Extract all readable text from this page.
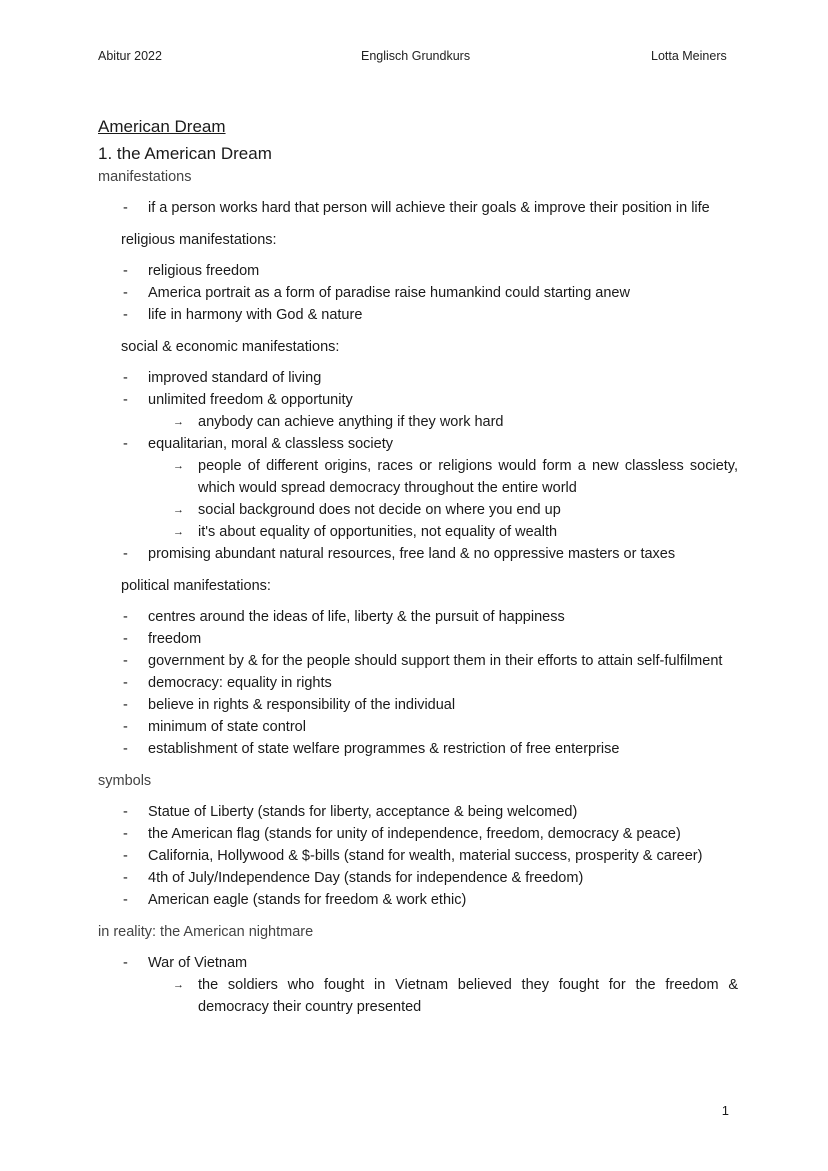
Abitur 2022	Englisch Grundkurs	Lotta Meiners
American Dream
1. the American Dream
manifestations
- if a person works hard that person will achieve their goals & improve their position in life
religious manifestations:
- religious freedom
- America portrait as a form of paradise raise humankind could starting anew
- life in harmony with God & nature
social & economic manifestations:
- improved standard of living
- unlimited freedom & opportunity
→ anybody can achieve anything if they work hard
- equalitarian, moral & classless society
→ people of different origins, races or religions would form a new classless society, which would spread democracy throughout the entire world
→ social background does not decide on where you end up
→ it's about equality of opportunities, not equality of wealth
- promising abundant natural resources, free land & no oppressive masters or taxes
political manifestations:
- centres around the ideas of life, liberty & the pursuit of happiness
- freedom
- government by & for the people should support them in their efforts to attain self-fulfilment
- democracy: equality in rights
- believe in rights & responsibility of the individual
- minimum of state control
- establishment of state welfare programmes & restriction of free enterprise
symbols
- Statue of Liberty (stands for liberty, acceptance & being welcomed)
- the American flag (stands for unity of independence, freedom, democracy & peace)
- California, Hollywood & $-bills (stand for wealth, material success, prosperity & career)
- 4th of July/Independence Day (stands for independence & freedom)
- American eagle (stands for freedom & work ethic)
in reality: the American nightmare
- War of Vietnam
→ the soldiers who fought in Vietnam believed they fought for the freedom & democracy their country presented
1
